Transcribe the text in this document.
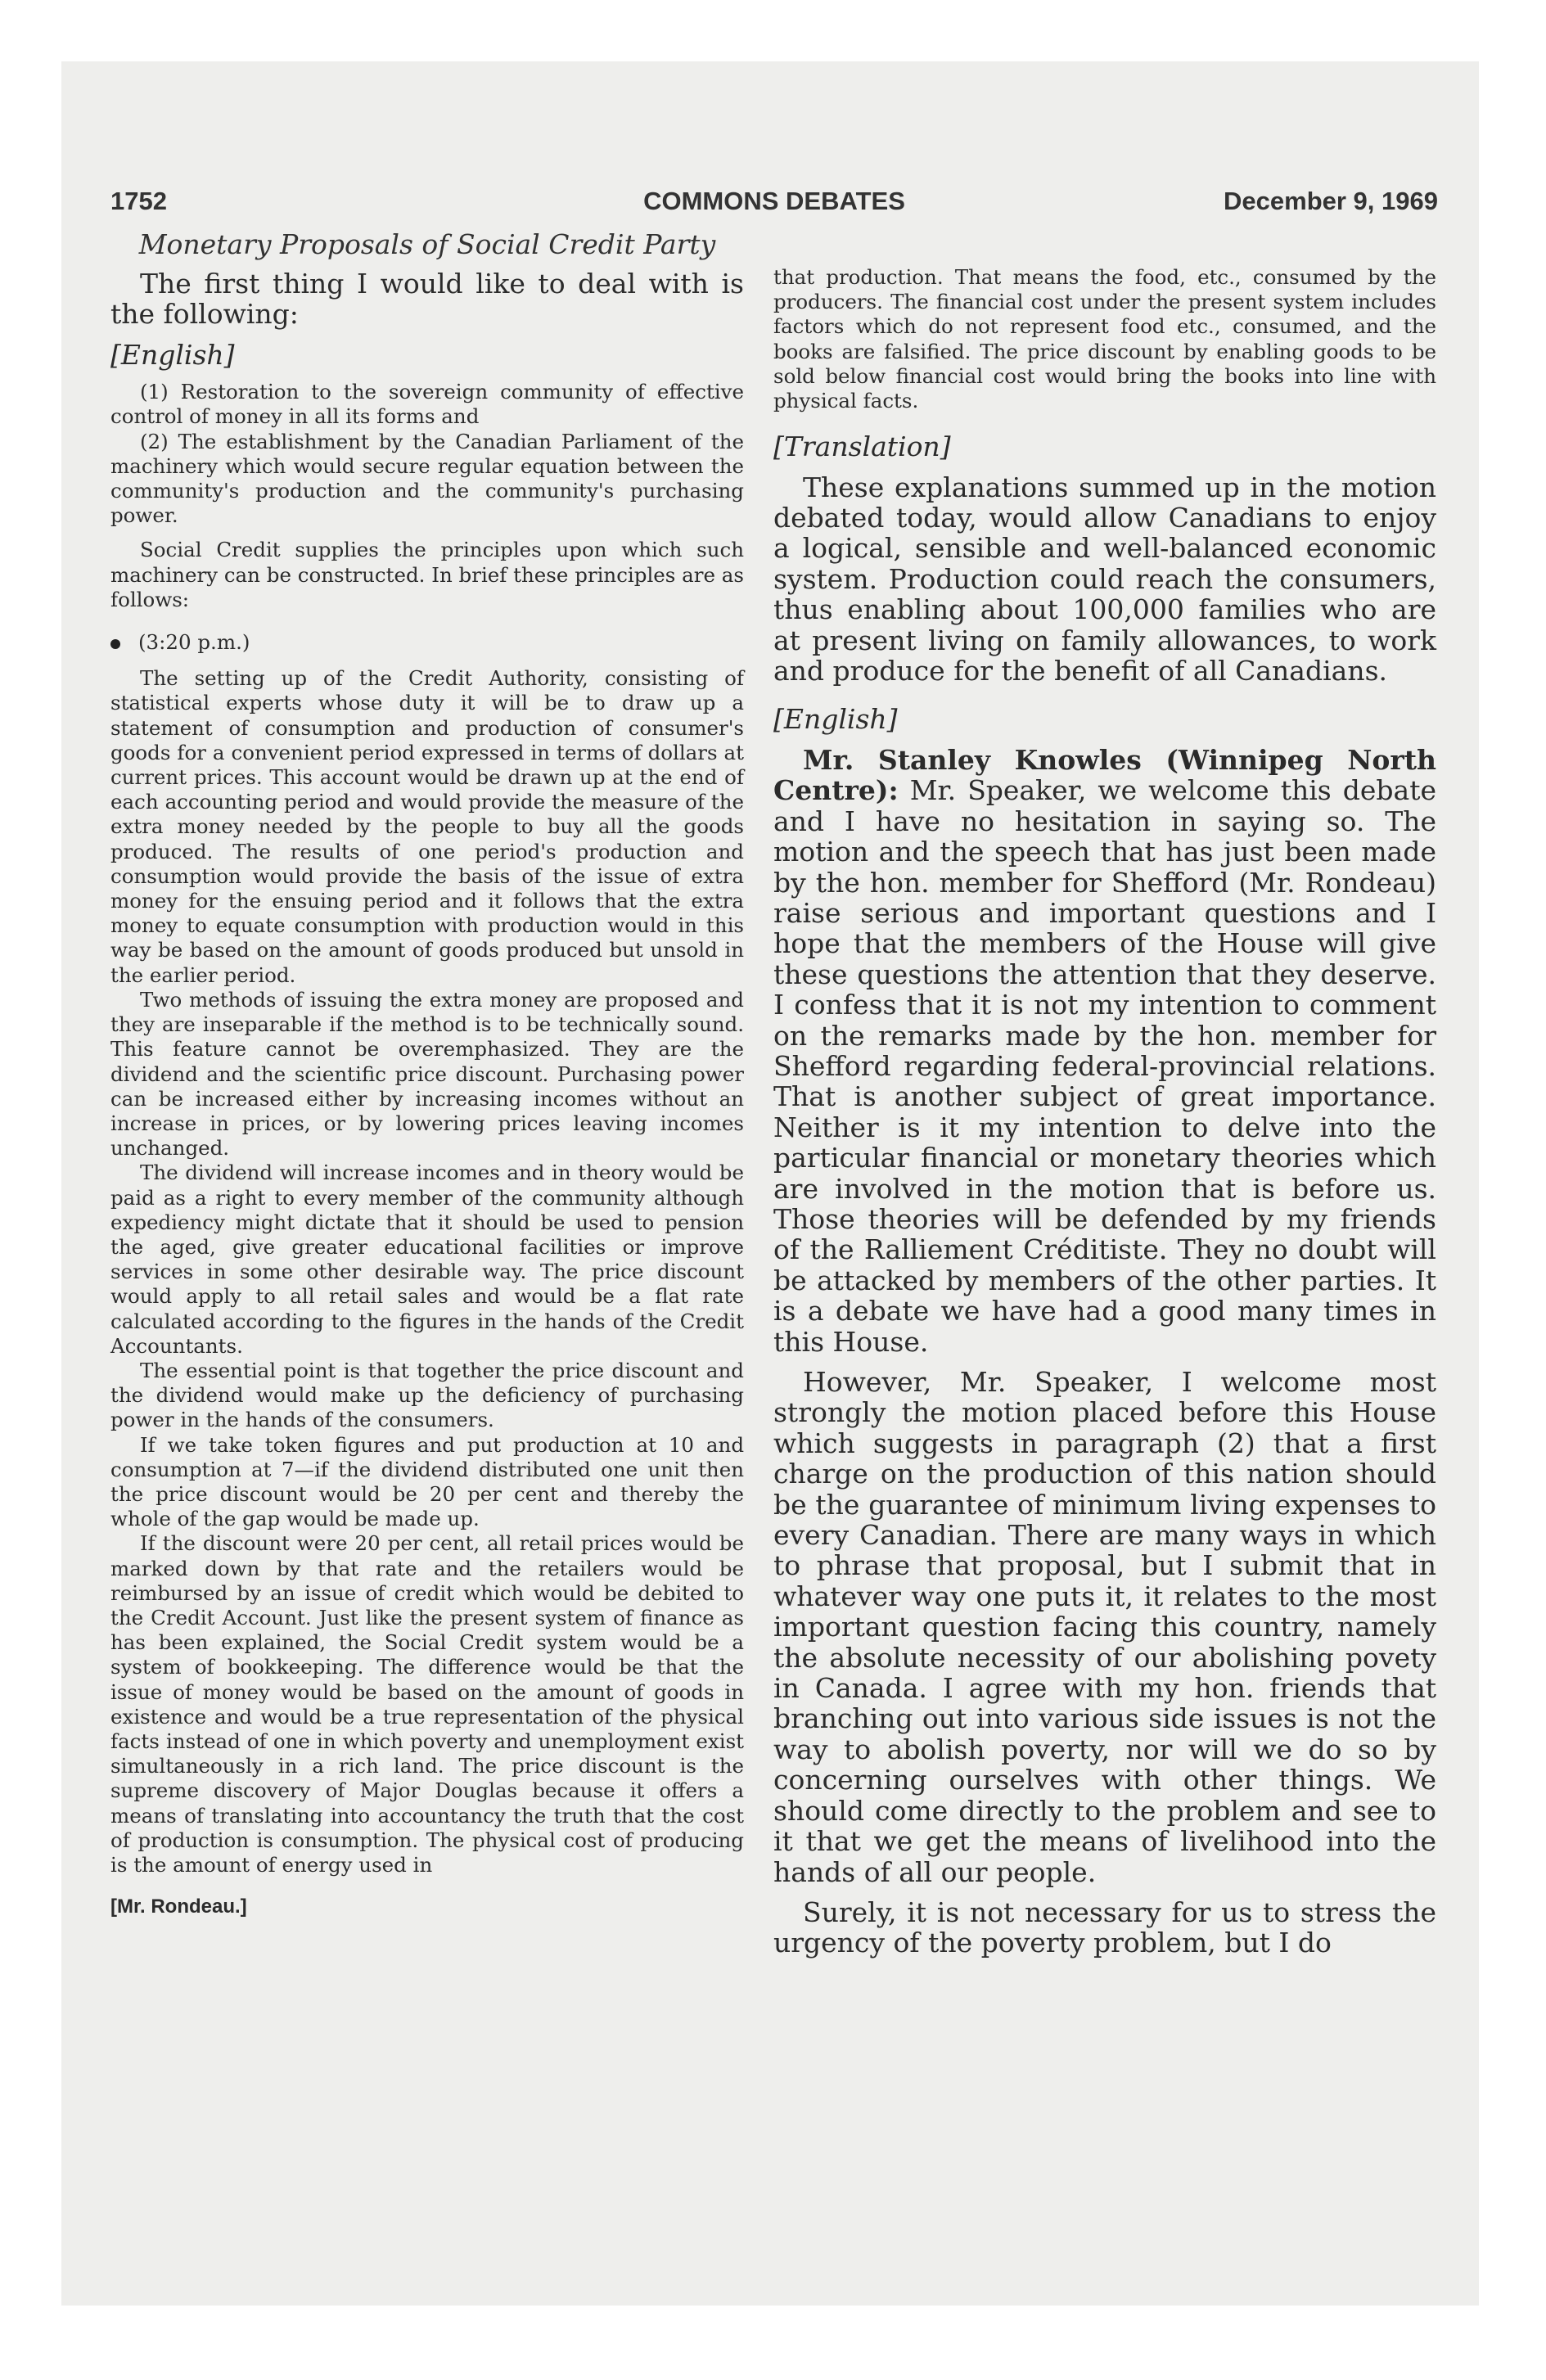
1752	COMMONS DEBATES	December 9, 1969
Monetary Proposals of Social Credit Party

The first thing I would like to deal with is the following:

[English]

(1) Restoration to the sovereign community of effective control of money in all its forms and

(2) The establishment by the Canadian Parliament of the machinery which would secure regular equation between the community's production and the community's purchasing power.

Social Credit supplies the principles upon which such machinery can be constructed. In brief these principles are as follows:

(3:20 p.m.)

The setting up of the Credit Authority, consisting of statistical experts whose duty it will be to draw up a statement of consumption and production of consumer's goods for a convenient period expressed in terms of dollars at current prices. This account would be drawn up at the end of each accounting period and would provide the measure of the extra money needed by the people to buy all the goods produced. The results of one period's production and consumption would provide the basis of the issue of extra money for the ensuing period and it follows that the extra money to equate consumption with production would in this way be based on the amount of goods produced but unsold in the earlier period.

Two methods of issuing the extra money are proposed and they are inseparable if the method is to be technically sound. This feature cannot be overemphasized. They are the dividend and the scientific price discount. Purchasing power can be increased either by increasing incomes without an increase in prices, or by lowering prices leaving incomes unchanged.

The dividend will increase incomes and in theory would be paid as a right to every member of the community although expediency might dictate that it should be used to pension the aged, give greater educational facilities or improve services in some other desirable way. The price discount would apply to all retail sales and would be a flat rate calculated according to the figures in the hands of the Credit Accountants.

The essential point is that together the price discount and the dividend would make up the deficiency of purchasing power in the hands of the consumers.

If we take token figures and put production at 10 and consumption at 7—if the dividend distributed one unit then the price discount would be 20 per cent and thereby the whole of the gap would be made up.

If the discount were 20 per cent, all retail prices would be marked down by that rate and the retailers would be reimbursed by an issue of credit which would be debited to the Credit Account. Just like the present system of finance as has been explained, the Social Credit system would be a system of bookkeeping. The difference would be that the issue of money would be based on the amount of goods in existence and would be a true representation of the physical facts instead of one in which poverty and unemployment exist simultaneously in a rich land. The price discount is the supreme discovery of Major Douglas because it offers a means of translating into accountancy the truth that the cost of production is consumption. The physical cost of producing is the amount of energy used in

[Mr. Rondeau.]

that production. That means the food, etc., consumed by the producers. The financial cost under the present system includes factors which do not represent food etc., consumed, and the books are falsified. The price discount by enabling goods to be sold below financial cost would bring the books into line with physical facts.

[Translation]

These explanations summed up in the motion debated today, would allow Canadians to enjoy a logical, sensible and well-balanced economic system. Production could reach the consumers, thus enabling about 100,000 families who are at present living on family allowances, to work and produce for the benefit of all Canadians.

[English]

Mr. Stanley Knowles (Winnipeg North Centre): Mr. Speaker, we welcome this debate and I have no hesitation in saying so. The motion and the speech that has just been made by the hon. member for Shefford (Mr. Rondeau) raise serious and important questions and I hope that the members of the House will give these questions the attention that they deserve. I confess that it is not my intention to comment on the remarks made by the hon. member for Shefford regarding federal-provincial relations. That is another subject of great importance. Neither is it my intention to delve into the particular financial or monetary theories which are involved in the motion that is before us. Those theories will be defended by my friends of the Ralliement Créditiste. They no doubt will be attacked by members of the other parties. It is a debate we have had a good many times in this House.

However, Mr. Speaker, I welcome most strongly the motion placed before this House which suggests in paragraph (2) that a first charge on the production of this nation should be the guarantee of minimum living expenses to every Canadian. There are many ways in which to phrase that proposal, but I submit that in whatever way one puts it, it relates to the most important question facing this country, namely the absolute necessity of our abolishing povety in Canada. I agree with my hon. friends that branching out into various side issues is not the way to abolish poverty, nor will we do so by concerning ourselves with other things. We should come directly to the problem and see to it that we get the means of livelihood into the hands of all our people.

Surely, it is not necessary for us to stress the urgency of the poverty problem, but I do
